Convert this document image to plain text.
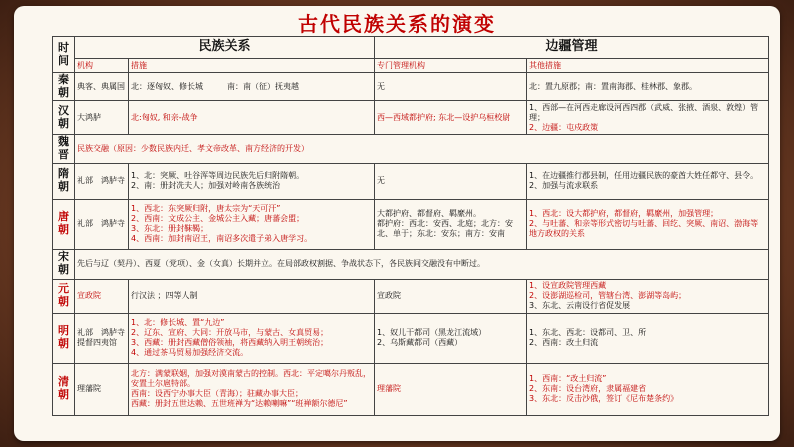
古代民族关系的演变
时间	民族关系		边疆管理	
	机构	措施	专门管理机构	其他措施
秦朝	典客、典属国	北：逐匈奴、修长城　　　南：南（征）抚夷越	无	北：置九原郡；南：置南海郡、桂林郡、象郡。
汉朝	大鸿胪	北:匈奴, 和亲-战争	西—西域都护府; 东北—设护乌桓校尉	1、西部—在河西走廊设河西四郡（武威、张掖、酒泉、敦煌）管理；
2、边疆：屯戍政策

魏晋	民族交融（原因：少数民族内迁、孝文帝改革、南方经济的开发）			
隋朝	礼部　鸿胪寺	1、北：突厥、吐谷浑等周边民族先后归附隋朝。
2、南：册封冼夫人；加强对岭南各族统治	无	1、在边疆推行郡县制，任用边疆民族的豪酋大姓任都守、县令。
2、加强与流求联系

唐朝	礼部　鸿胪寺	1、西北：东突厥归附，唐太宗为“天可汗”
2、西南：文成公主、金城公主入藏；唐蕃会盟；
3、东北：册封靺鞨；
4、西南：加封南诏王，南诏多次遣子弟入唐学习。	大都护府、都督府、羁縻州。
都护府：西北：安西、北庭；北方：安北、单于；东北：安东；南方：安南	1、西北：设大都护府，都督府，羁縻州，加强管理；
2、与吐蕃、和亲等形式密切与吐蕃、回纥、突厥、南诏、渤海等地方政权的关系

宋朝	先后与辽（契丹）、西夏（党项）、金（女真）长期并立。在局部政权割据、争战状态下，各民族间交融没有中断过。			
元朝	宣政院	行汉法 ；四等人制	宣政院	1、设宣政院管理西藏
2、设澎湖巡检司，管辖台湾、澎湖等岛屿；
3、东北、云南设行省促发展

明朝	礼部　鸿胪寺　提督四夷馆	1、北：修长城、置“九边”
2、辽东、宣府、大同：开放马市，与蒙古、女真贸易；
3、西藏：册封西藏僧俗领袖，将西藏纳入明王朝统治；
4、通过茶马贸易加强经济交流。	1、奴儿干都司（黑龙江流域）
2、乌斯藏都司（西藏）	1、东北、西北：设都司、卫、所
2、西南：改土归流

清朝	理藩院	北方：满蒙联姻，加强对漠南蒙古的控制。西北：平定噶尔丹叛乱，安置土尔扈特部。
西南：设西宁办事大臣（青海）；驻藏办事大臣；
西藏：册封五世达赖、五世班禅为“达赖喇嘛”“班禅额尔德尼”	理藩院	1、西南：“改土归流”
2、东南：设台湾府，隶属福建省
3、东北：反击沙俄，签订《尼布楚条约》
